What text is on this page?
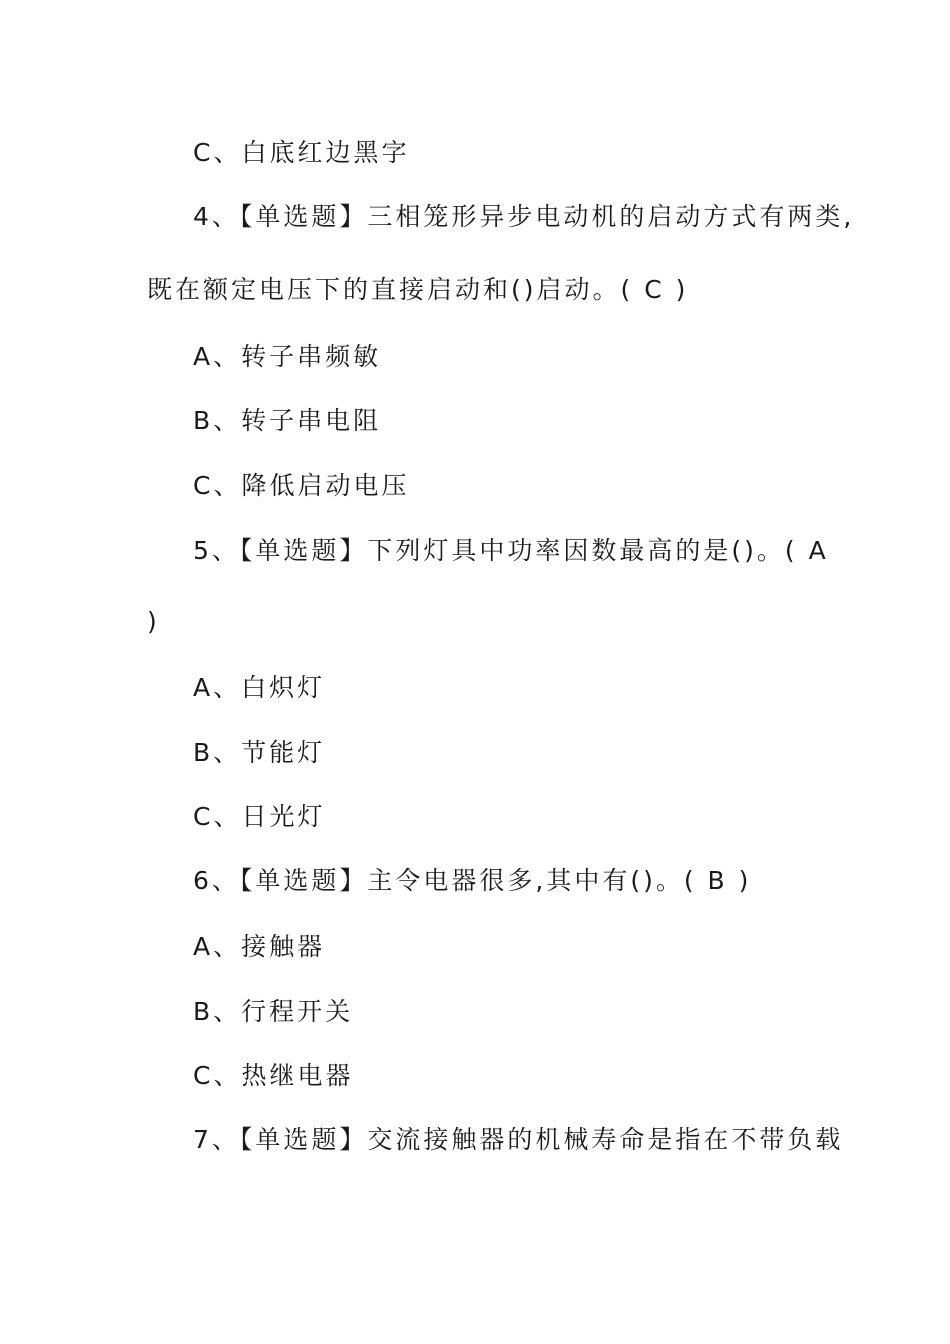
C、白底红边黑字
4、【单选题】三相笼形异步电动机的启动方式有两类,
既在额定电压下的直接启动和()启动。( C )
A、转子串频敏
B、转子串电阻
C、降低启动电压
5、【单选题】下列灯具中功率因数最高的是()。( A
)
A、白炽灯
B、节能灯
C、日光灯
6、【单选题】主令电器很多,其中有()。( B )
A、接触器
B、行程开关
C、热继电器
7、【单选题】交流接触器的机械寿命是指在不带负载
